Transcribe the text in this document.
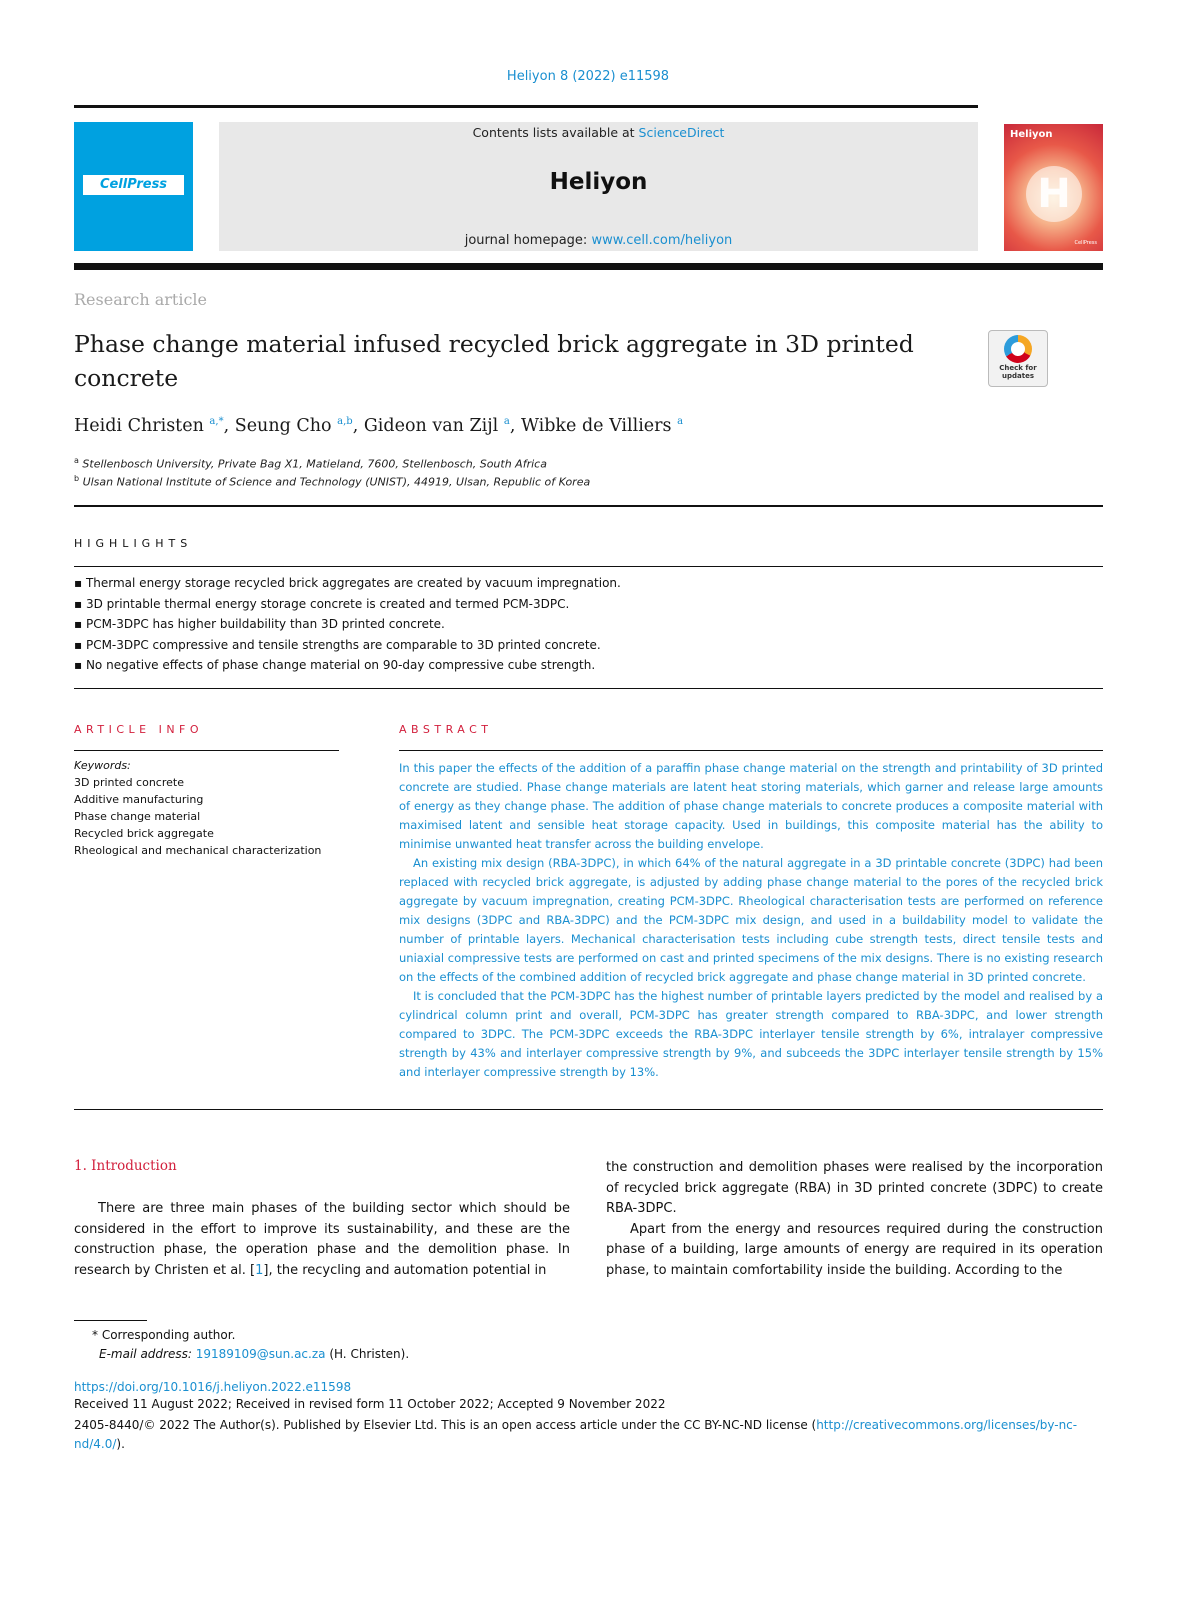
Heliyon 8 (2022) e11598
CellPress
Contents lists available at ScienceDirect
Heliyon
journal homepage: www.cell.com/heliyon
Heliyon
H
CellPress
Research article
Phase change material infused recycled brick aggregate in 3D printed concrete	Check for updates
Heidi Christen $^{a,*}$, Seung Cho $^{a,b}$, Gideon van Zijl $^a$, Wibke de Villiers $^a$
$^a$ Stellenbosch University, Private Bag X1, Matieland, 7600, Stellenbosch, South Africa
$^b$ Ulsan National Institute of Science and Technology (UNIST), 44919, Ulsan, Republic of Korea
HIGHLIGHTS
▪ Thermal energy storage recycled brick aggregates are created by vacuum impregnation.
▪ 3D printable thermal energy storage concrete is created and termed PCM-3DPC.
▪ PCM-3DPC has higher buildability than 3D printed concrete.
▪ PCM-3DPC compressive and tensile strengths are comparable to 3D printed concrete.
▪ No negative effects of phase change material on 90-day compressive cube strength.
ARTICLE INFO
Keywords:
3D printed concrete
Additive manufacturing
Phase change material
Recycled brick aggregate
Rheological and mechanical characterization
ABSTRACT

In this paper the effects of the addition of a paraffin phase change material on the strength and printability of 3D printed concrete are studied. Phase change materials are latent heat storing materials, which garner and release large amounts of energy as they change phase. The addition of phase change materials to concrete produces a composite material with maximised latent and sensible heat storage capacity. Used in buildings, this composite material has the ability to minimise unwanted heat transfer across the building envelope.

An existing mix design (RBA-3DPC), in which 64% of the natural aggregate in a 3D printable concrete (3DPC) had been replaced with recycled brick aggregate, is adjusted by adding phase change material to the pores of the recycled brick aggregate by vacuum impregnation, creating PCM-3DPC. Rheological characterisation tests are performed on reference mix designs (3DPC and RBA-3DPC) and the PCM-3DPC mix design, and used in a buildability model to validate the number of printable layers. Mechanical characterisation tests including cube strength tests, direct tensile tests and uniaxial compressive tests are performed on cast and printed specimens of the mix designs. There is no existing research on the effects of the combined addition of recycled brick aggregate and phase change material in 3D printed concrete.

It is concluded that the PCM-3DPC has the highest number of printable layers predicted by the model and realised by a cylindrical column print and overall, PCM-3DPC has greater strength compared to RBA-3DPC, and lower strength compared to 3DPC. The PCM-3DPC exceeds the RBA-3DPC interlayer tensile strength by 6%, intralayer compressive strength by 43% and interlayer compressive strength by 9%, and subceeds the 3DPC interlayer tensile strength by 15% and interlayer compressive strength by 13%.

1. Introduction
There are three main phases of the building sector which should be considered in the effort to improve its sustainability, and these are the construction phase, the operation phase and the demolition phase. In research by Christen et al. [1], the recycling and automation potential in

the construction and demolition phases were realised by the incorporation of recycled brick aggregate (RBA) in 3D printed concrete (3DPC) to create RBA-3DPC.

Apart from the energy and resources required during the construction phase of a building, large amounts of energy are required in its operation phase, to maintain comfortability inside the building. According to the

* Corresponding author.
E-mail address: 19189109@sun.ac.za (H. Christen).
https://doi.org/10.1016/j.heliyon.2022.e11598
Received 11 August 2022; Received in revised form 11 October 2022; Accepted 9 November 2022
2405-8440/© 2022 The Author(s). Published by Elsevier Ltd. This is an open access article under the CC BY-NC-ND license (http://creativecommons.org/licenses/by-nc-nd/4.0/).
